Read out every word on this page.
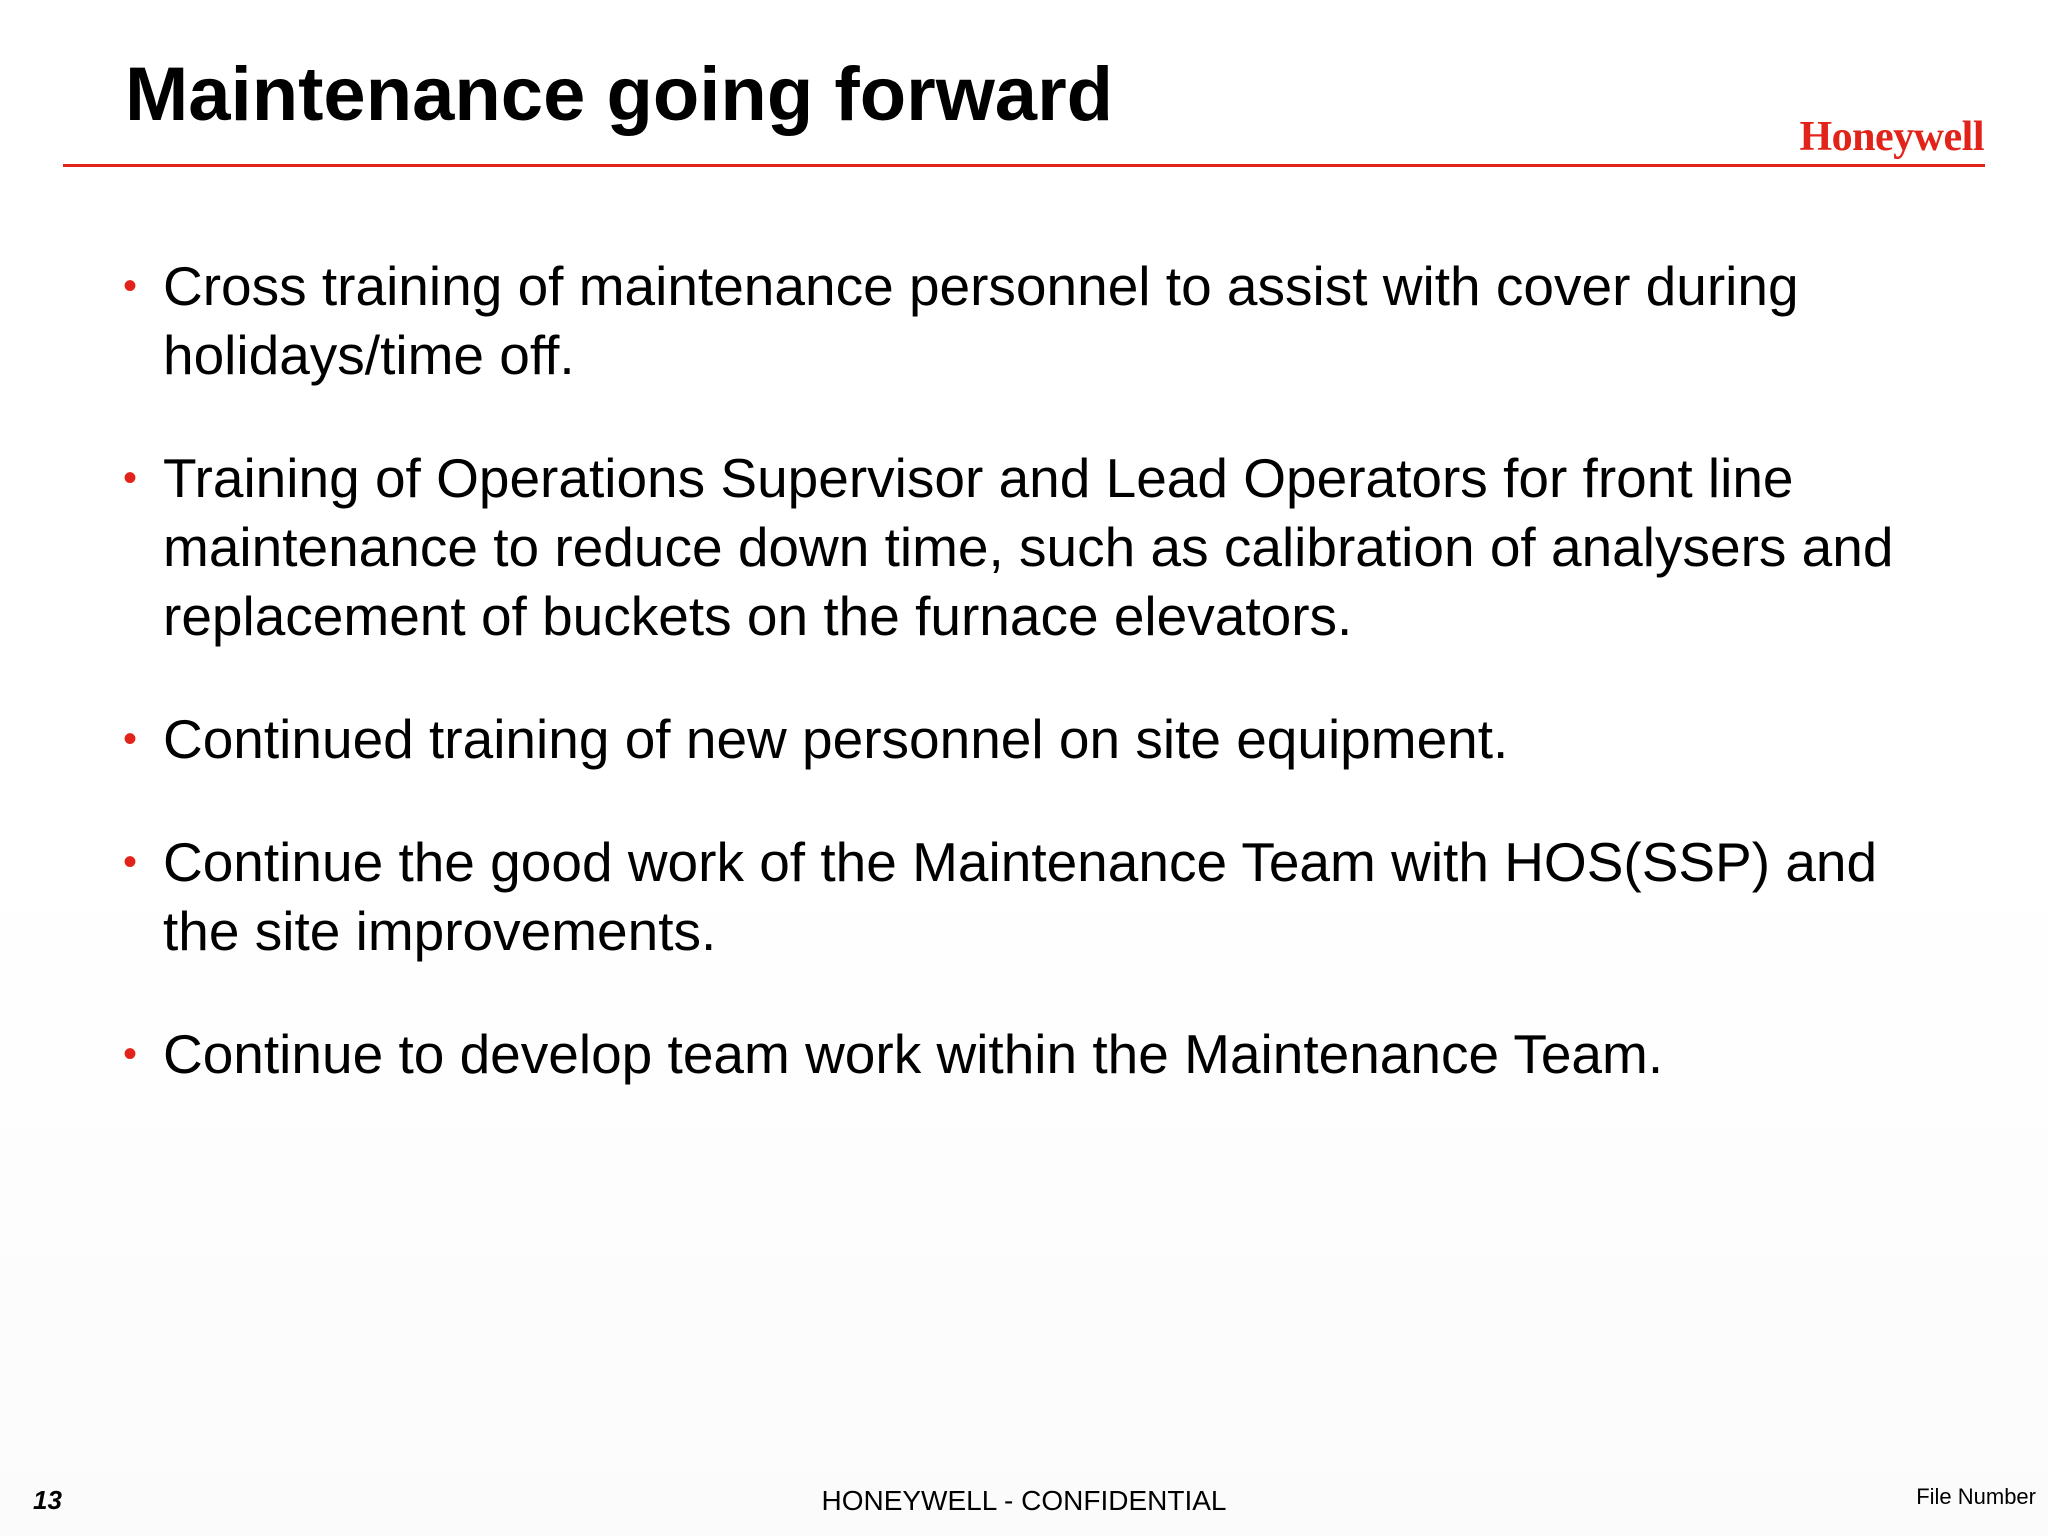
Maintenance going forward	Honeywell
• Cross training of maintenance personnel to assist with cover during holidays/time off.
• Training of Operations Supervisor and Lead Operators for front line maintenance to reduce down time, such as calibration of analysers and replacement of buckets on the furnace elevators.
• Continued training of new personnel on site equipment.
• Continue the good work of the Maintenance Team with HOS(SSP) and the site improvements.
• Continue to develop team work within the Maintenance Team.
13	HONEYWELL - CONFIDENTIAL	File Number
